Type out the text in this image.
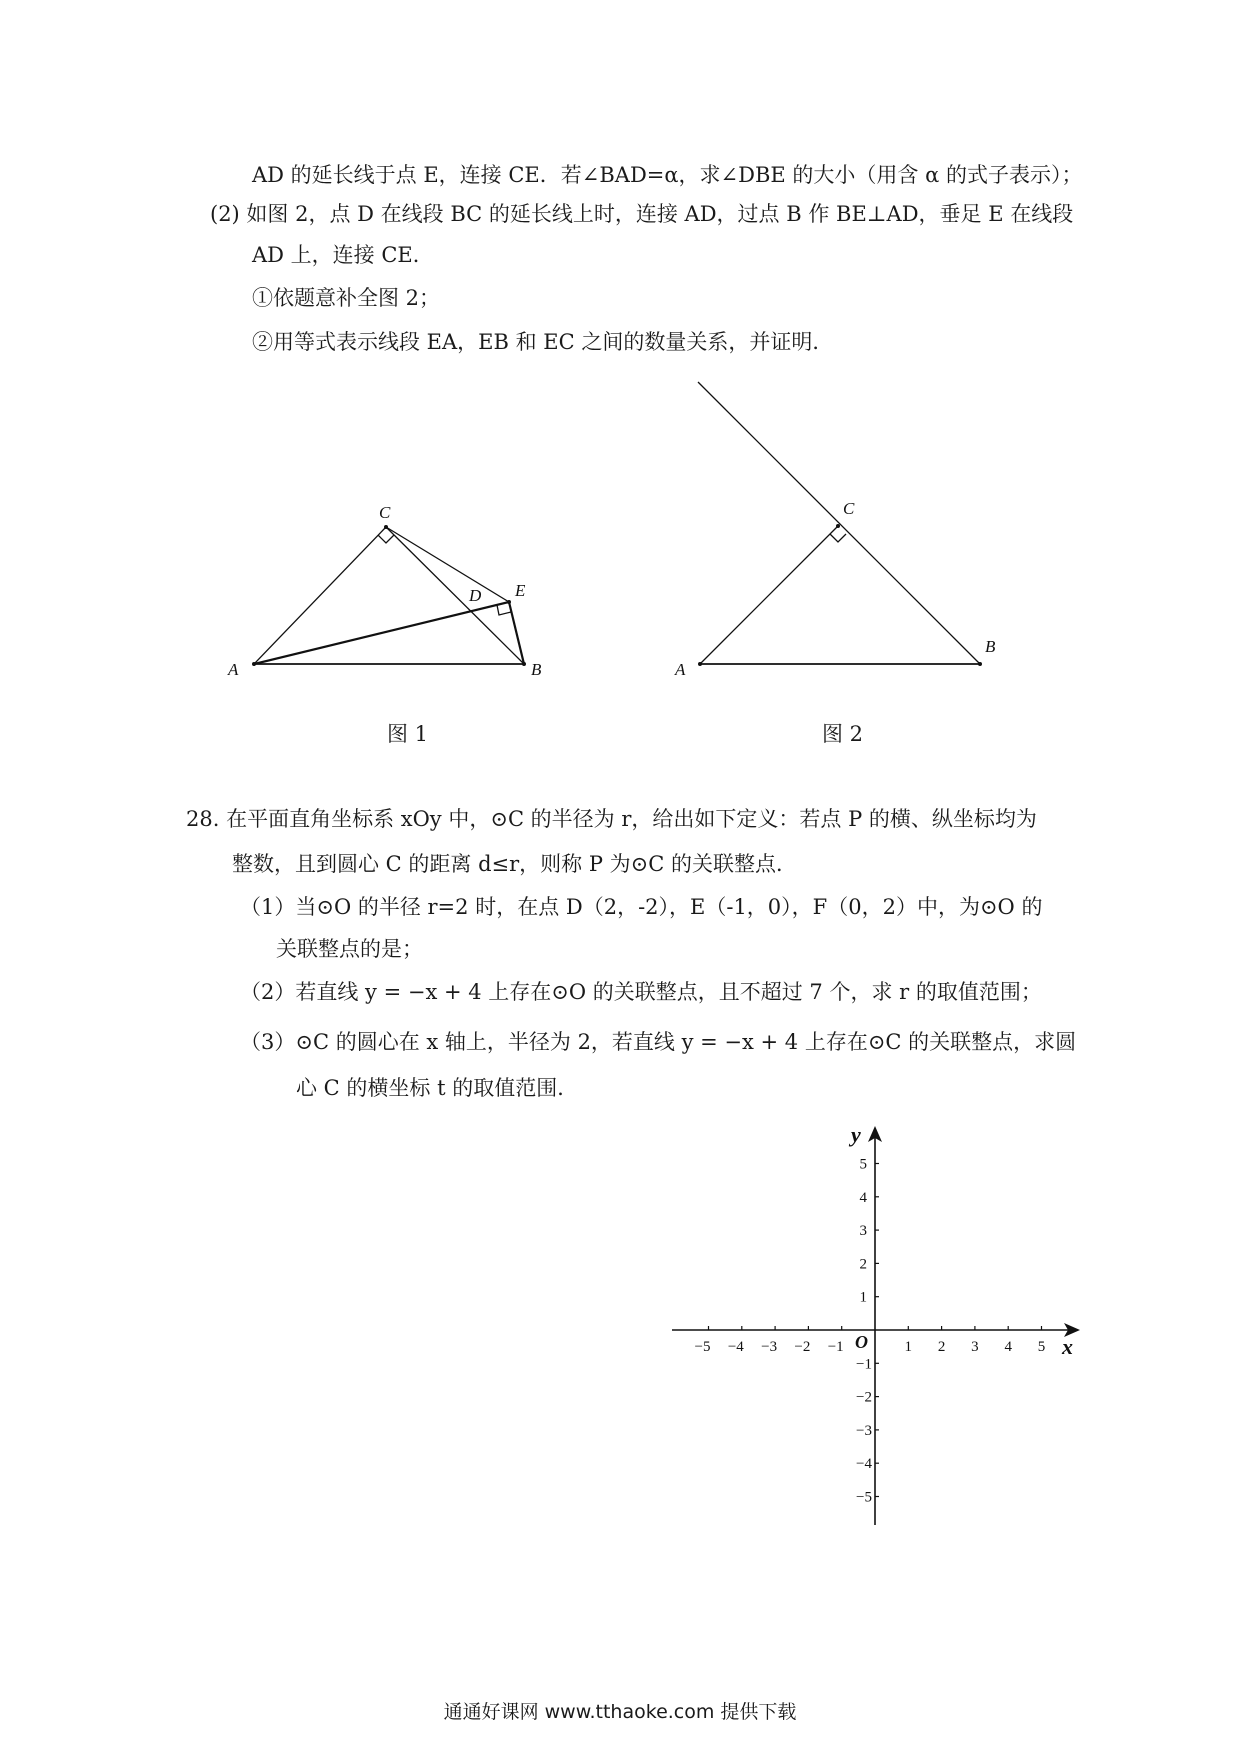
AD 的延长线于点 E，连接 CE．若∠BAD=α，求∠DBE 的大小（用含 α 的式子表示）；
(2) 如图 2，点 D 在线段 BC 的延长线上时，连接 AD，过点 B 作 BE⊥AD，垂足 E 在线段
AD 上，连接 CE．
①依题意补全图 2；
②用等式表示线段 EA，EB 和 EC 之间的数量关系，并证明．
A	B
C
D E
图 1
A
B
C
图 2
28. 在平面直角坐标系 xOy 中，⊙C 的半径为 r，给出如下定义：若点 P 的横、纵坐标均为
整数，且到圆心 C 的距离 d≤r，则称 P 为⊙C 的关联整点．
（1）当⊙O 的半径 r=2 时，在点 D（2，-2），E（-1，0），F（0，2）中，为⊙O 的
关联整点的是；
（2）若直线 y = −x + 4 上存在⊙O 的关联整点，且不超过 7 个，求 r 的取值范围；
（3）⊙C 的圆心在 x 轴上，半径为 2，若直线 y = −x + 4 上存在⊙C 的关联整点，求圆
心 C 的横坐标 t 的取值范围．
1 2 3 4 5
−5 −4 −3 −2 −1
1
2
3
4
5
−1
−2
−3
−4
−5
x
y
O
通通好课网 www.tthaoke.com 提供下载
